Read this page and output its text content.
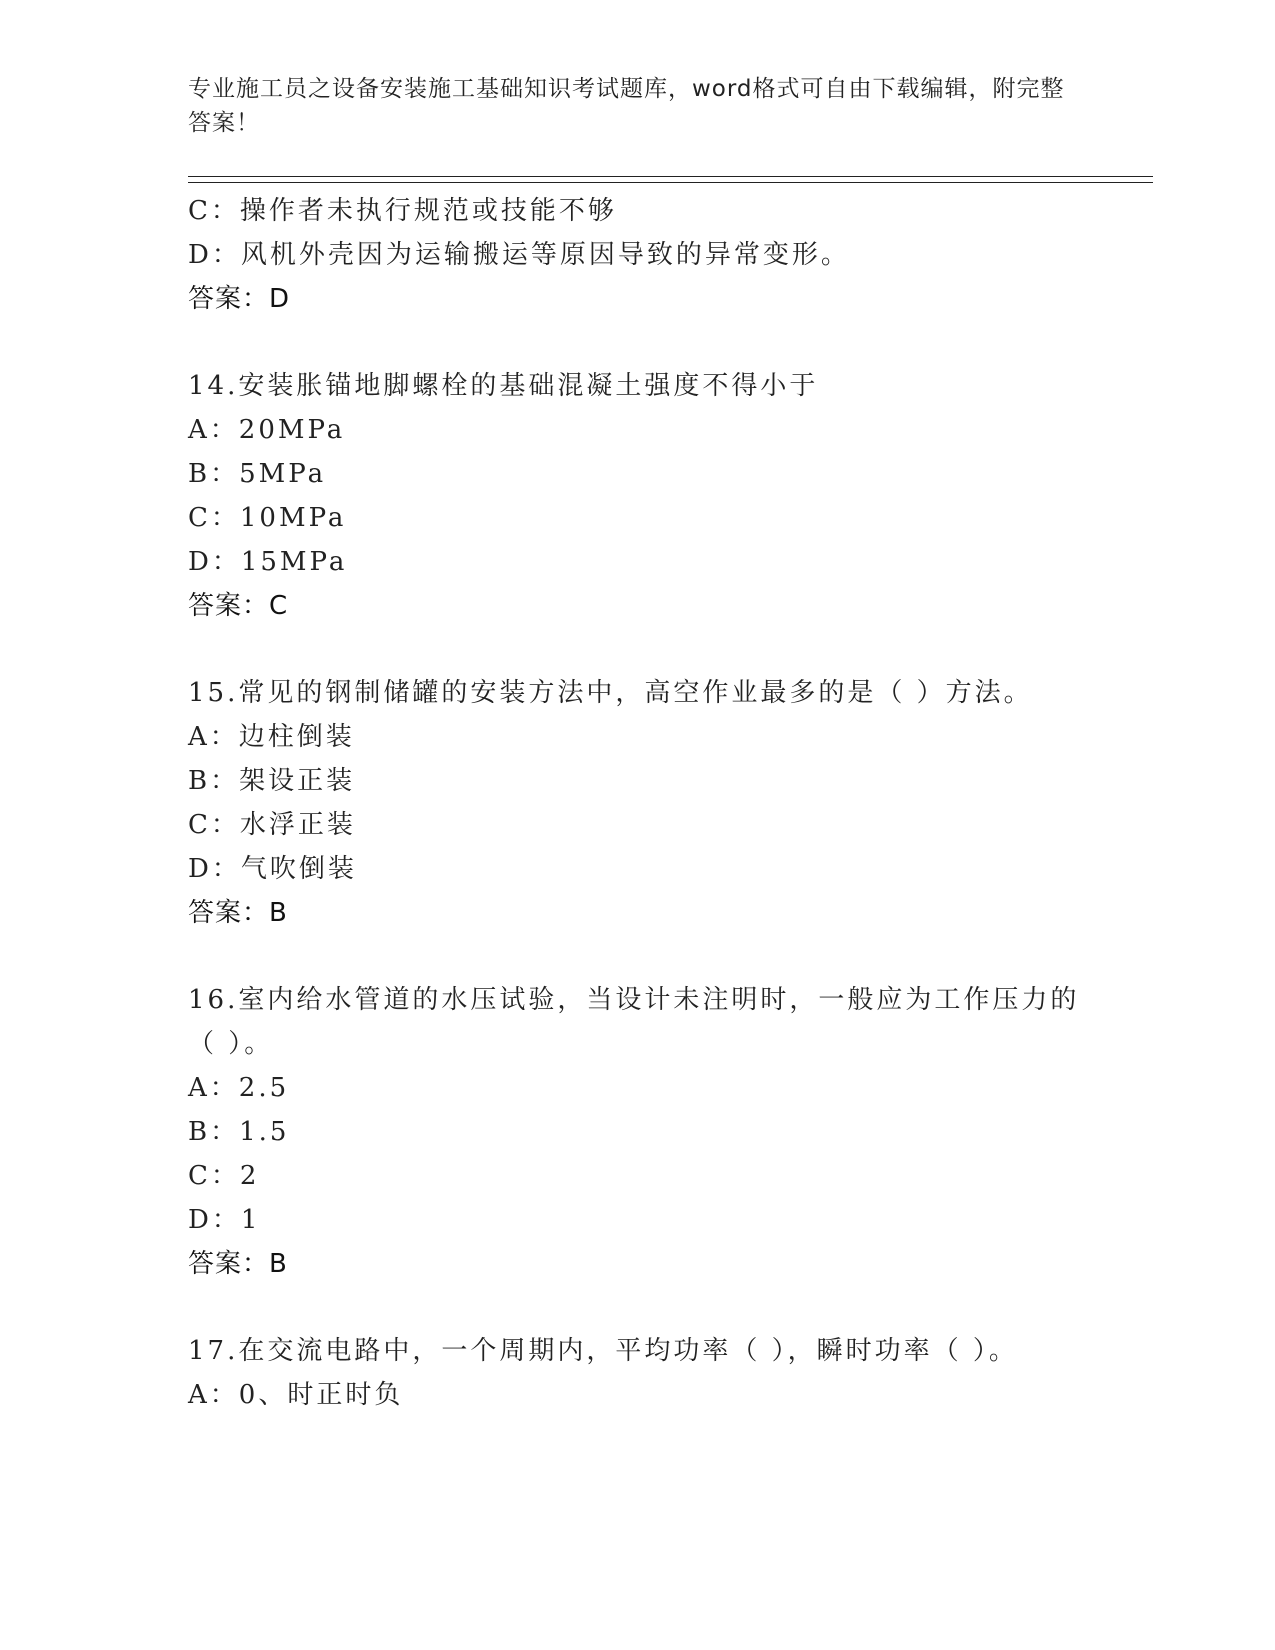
专业施工员之设备安装施工基础知识考试题库，word格式可自由下载编辑，附完整答案！
C：操作者未执行规范或技能不够
D：风机外壳因为运输搬运等原因导致的异常变形。
答案：D
14.安装胀锚地脚螺栓的基础混凝土强度不得小于
A：20MPa
B：5MPa
C：10MPa
D：15MPa
答案：C
15.常见的钢制储罐的安装方法中，高空作业最多的是（ ）方法。
A：边柱倒装
B：架设正装
C：水浮正装
D：气吹倒装
答案：B
16.室内给水管道的水压试验，当设计未注明时，一般应为工作压力的
（ ）。
A：2.5
B：1.5
C：2
D：1
答案：B
17.在交流电路中，一个周期内，平均功率（ ），瞬时功率（ ）。
A：0、时正时负
